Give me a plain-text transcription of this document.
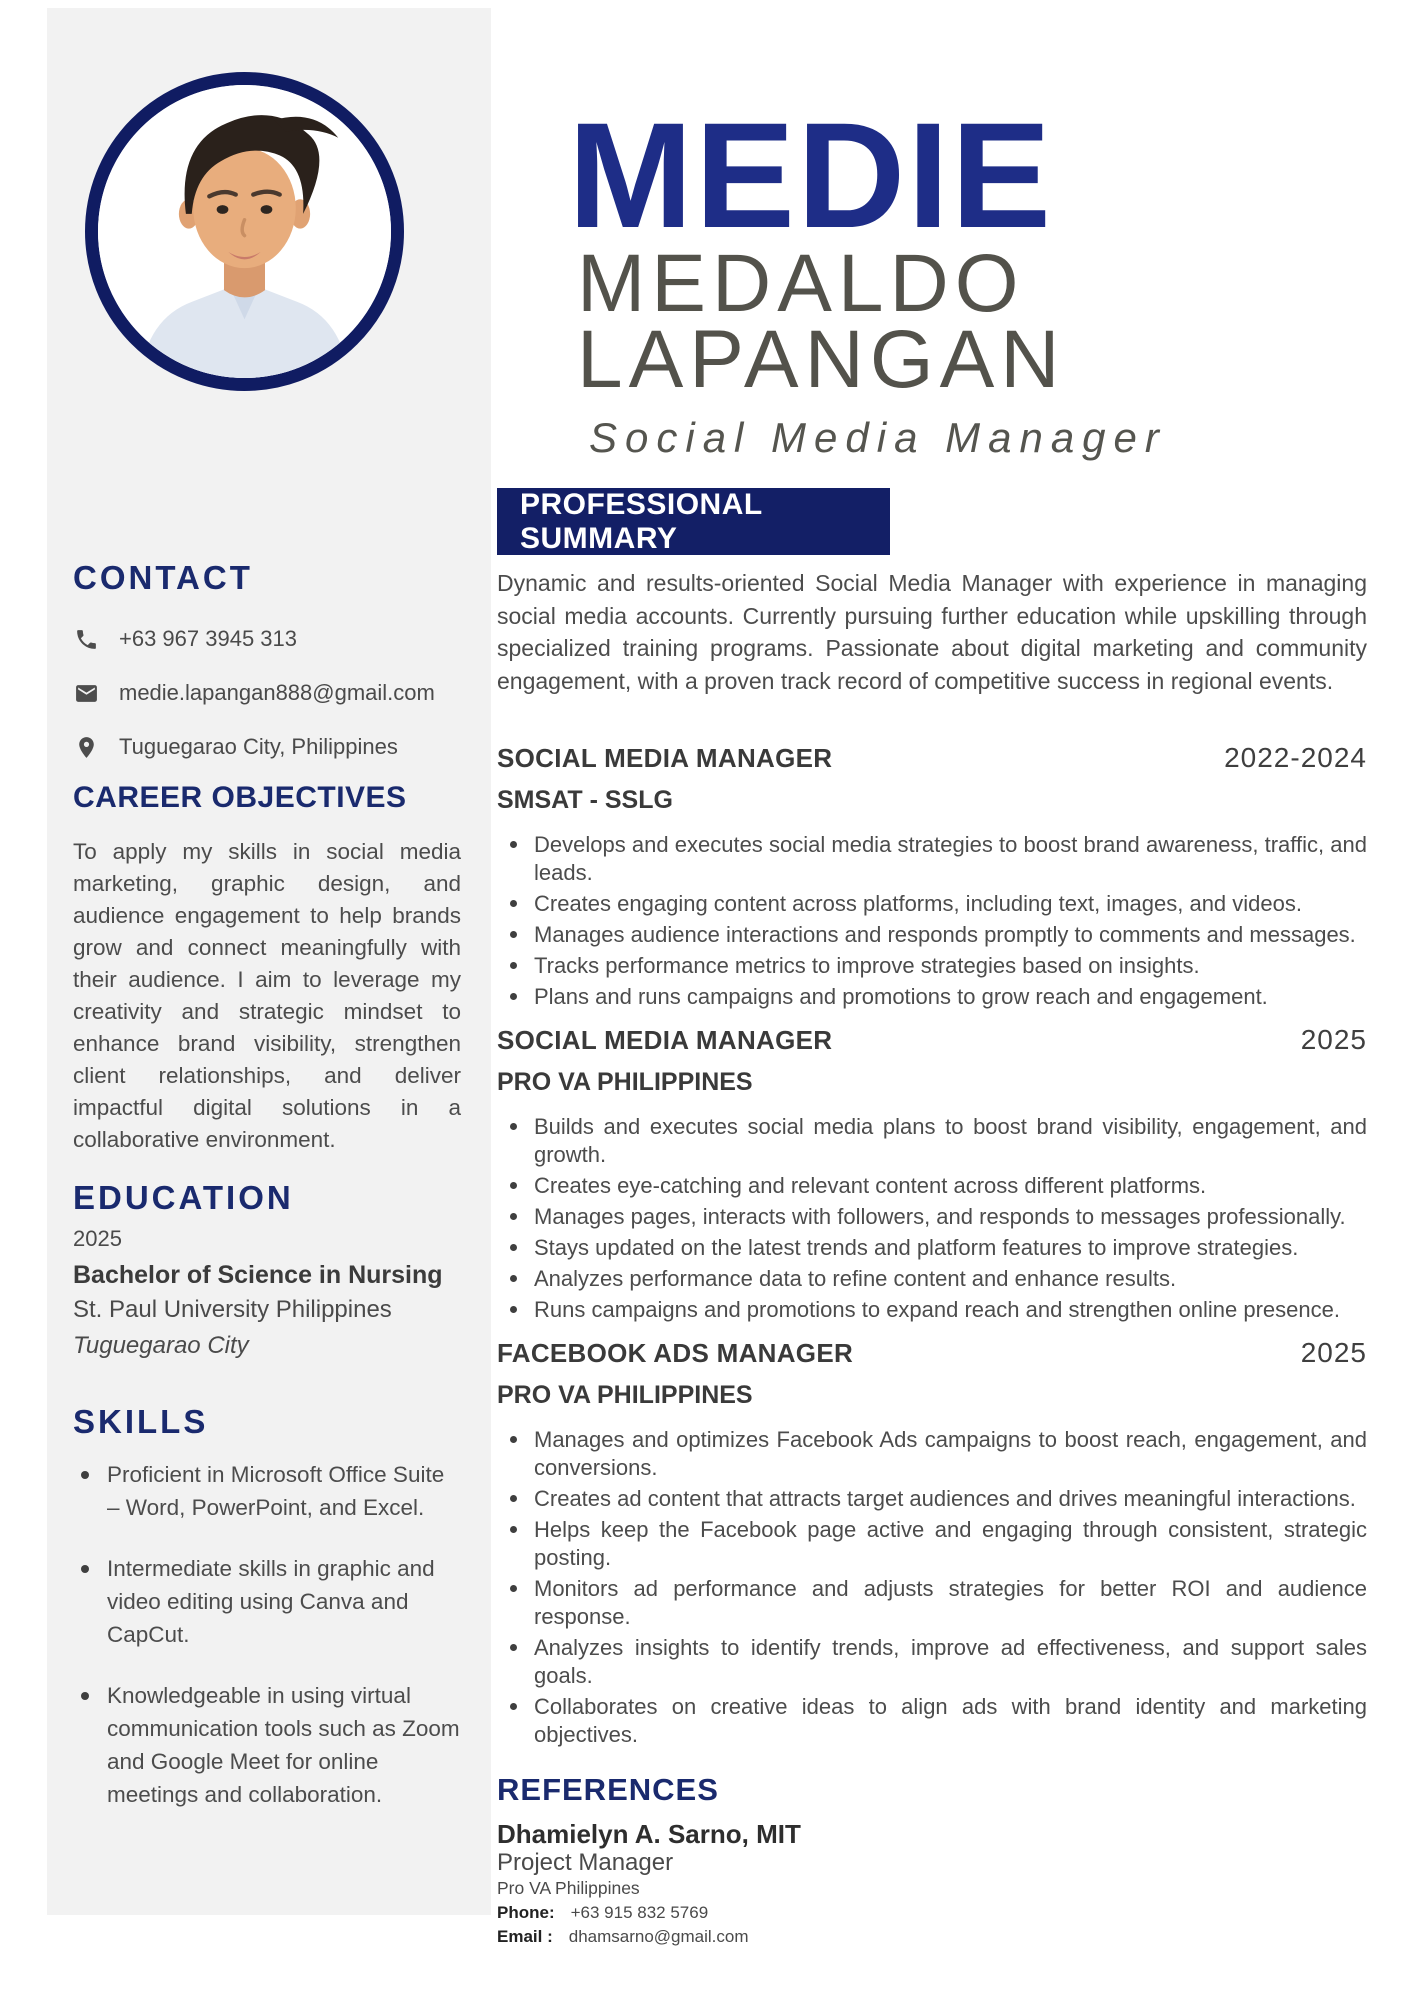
CONTACT
+63 967 3945 313
medie.lapangan888@gmail.com
Tuguegarao City, Philippines
CAREER OBJECTIVES

To apply my skills in social media marketing, graphic design, and audience engagement to help brands grow and connect meaningfully with their audience. I aim to leverage my creativity and strategic mindset to enhance brand visibility, strengthen client relationships, and deliver impactful digital solutions in a collaborative environment.

EDUCATION

2025

Bachelor of Science in Nursing

St. Paul University Philippines

Tuguegarao City

SKILLS
Proficient in Microsoft Office Suite – Word, PowerPoint, and Excel.
Intermediate skills in graphic and video editing using Canva and CapCut.
Knowledgeable in using virtual communication tools such as Zoom and Google Meet for online meetings and collaboration.
MEDIE
MEDALDO
LAPANGAN
Social Media Manager
PROFESSIONAL SUMMARY

Dynamic and results-oriented Social Media Manager with experience in managing social media accounts. Currently pursuing further education while upskilling through specialized training programs. Passionate about digital marketing and community engagement, with a proven track record of competitive success in regional events.

SOCIAL MEDIA MANAGER	2022-2024
SMSAT - SSLG
Develops and executes social media strategies to boost brand awareness, traffic, and leads.
Creates engaging content across platforms, including text, images, and videos.
Manages audience interactions and responds promptly to comments and messages.
Tracks performance metrics to improve strategies based on insights.
Plans and runs campaigns and promotions to grow reach and engagement.
SOCIAL MEDIA MANAGER	2025
PRO VA PHILIPPINES
Builds and executes social media plans to boost brand visibility, engagement, and growth.
Creates eye-catching and relevant content across different platforms.
Manages pages, interacts with followers, and responds to messages professionally.
Stays updated on the latest trends and platform features to improve strategies.
Analyzes performance data to refine content and enhance results.
Runs campaigns and promotions to expand reach and strengthen online presence.
FACEBOOK ADS MANAGER	2025
PRO VA PHILIPPINES
Manages and optimizes Facebook Ads campaigns to boost reach, engagement, and conversions.
Creates ad content that attracts target audiences and drives meaningful interactions.
Helps keep the Facebook page active and engaging through consistent, strategic posting.
Monitors ad performance and adjusts strategies for better ROI and audience response.
Analyzes insights to identify trends, improve ad effectiveness, and support sales goals.
Collaborates on creative ideas to align ads with brand identity and marketing objectives.
REFERENCES

Dhamielyn A. Sarno, MIT

Project Manager

Pro VA Philippines

Phone: +63 915 832 5769
Email : dhamsarno@gmail.com
